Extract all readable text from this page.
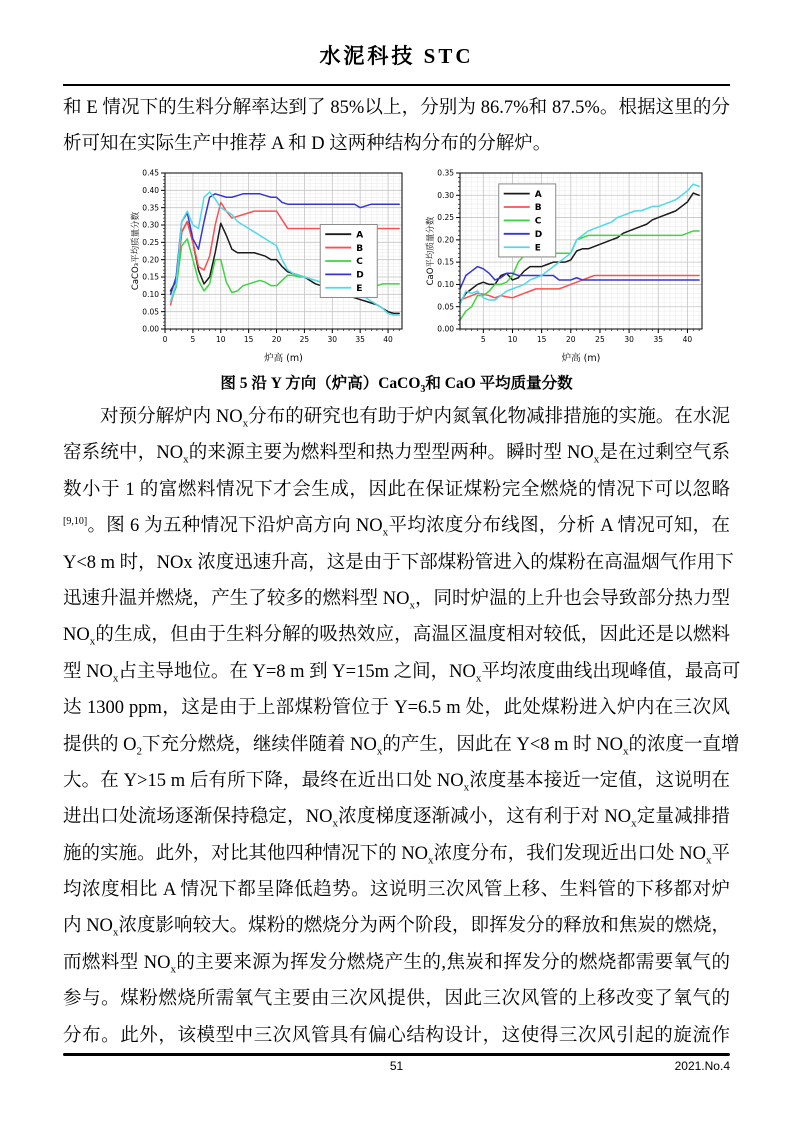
水泥科技 STC
和 E 情况下的生料分解率达到了 85%以上，分别为 86.7%和 87.5%。根据这里的分
析可知在实际生产中推荐 A 和 D 这两种结构分布的分解炉。
0	5	10 15 20 25 30 35 40
0.00
0.05
0.10
0.15
0.20
0.25
0.30
0.35
0.40
0.45
炉高 (m)
CaCO₃平均质量分数	A
B
C
D
E
5	10	15	20	25	30	35	40
0.00
0.05
0.10
0.15
0.20
0.25
0.30
0.35
炉高 (m)
CaO平均质量分数
A
B
C
D
E
图 5 沿 Y 方向（炉高）CaCO$_3$和 CaO 平均质量分数
对预分解炉内 $NO_x$分布的研究也有助于炉内氮氧化物减排措施的实施。在水泥
窑系统中，$NO_x$的来源主要为燃料型和热力型型两种。瞬时型 $NO_x$是在过剩空气系
数小于 1 的富燃料情况下才会生成，因此在保证煤粉完全燃烧的情况下可以忽略
[9,10]。图 6 为五种情况下沿炉高方向 $NO_x$平均浓度分布线图，分析 A 情况可知，在
Y<8 m 时，NOx 浓度迅速升高，这是由于下部煤粉管进入的煤粉在高温烟气作用下
迅速升温并燃烧，产生了较多的燃料型 $NO_x$，同时炉温的上升也会导致部分热力型
$NO_x$的生成，但由于生料分解的吸热效应，高温区温度相对较低，因此还是以燃料
型 $NO_x$占主导地位。在 Y=8 m 到 Y=15m 之间，$NO_x$平均浓度曲线出现峰值，最高可
达 1300 ppm，这是由于上部煤粉管位于 Y=6.5 m 处，此处煤粉进入炉内在三次风
提供的 $O_2$下充分燃烧，继续伴随着 $NO_x$的产生，因此在 Y<8 m 时 $NO_x$的浓度一直增
大。在 Y>15 m 后有所下降，最终在近出口处 $NO_x$浓度基本接近一定值，这说明在
进出口处流场逐渐保持稳定，$NO_x$浓度梯度逐渐减小，这有利于对 $NO_x$定量减排措
施的实施。此外，对比其他四种情况下的 $NO_x$浓度分布，我们发现近出口处 $NO_x$平
均浓度相比 A 情况下都呈降低趋势。这说明三次风管上移、生料管的下移都对炉
内 $NO_x$浓度影响较大。煤粉的燃烧分为两个阶段，即挥发分的释放和焦炭的燃烧，
而燃料型 $NO_x$的主要来源为挥发分燃烧产生的,焦炭和挥发分的燃烧都需要氧气的
参与。煤粉燃烧所需氧气主要由三次风提供，因此三次风管的上移改变了氧气的
分布。此外，该模型中三次风管具有偏心结构设计，这使得三次风引起的旋流作
51	2021.No.4
